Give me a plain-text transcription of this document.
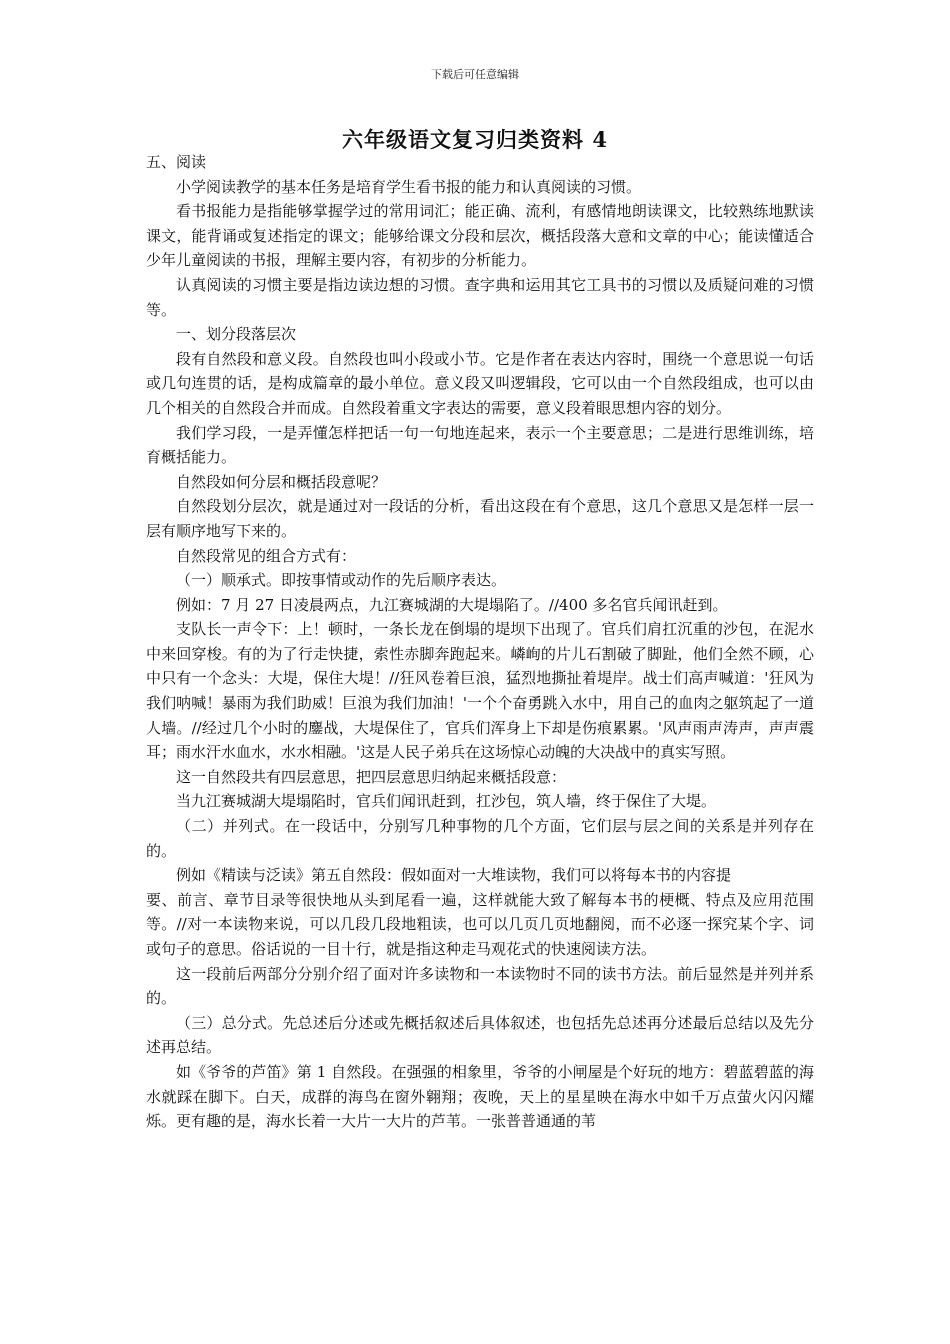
下载后可任意编辑
六年级语文复习归类资料 4

五、阅读

小学阅读教学的基本任务是培育学生看书报的能力和认真阅读的习惯。

看书报能力是指能够掌握学过的常用词汇；能正确、流利，有感情地朗读课文，比较熟练地默读课文，能背诵或复述指定的课文；能够给课文分段和层次，概括段落大意和文章的中心；能读懂适合少年儿童阅读的书报，理解主要内容，有初步的分析能力。

认真阅读的习惯主要是指边读边想的习惯。查字典和运用其它工具书的习惯以及质疑问难的习惯等。

一、划分段落层次

段有自然段和意义段。自然段也叫小段或小节。它是作者在表达内容时，围绕一个意思说一句话或几句连贯的话，是构成篇章的最小单位。意义段又叫逻辑段，它可以由一个自然段组成，也可以由几个相关的自然段合并而成。自然段着重文字表达的需要，意义段着眼思想内容的划分。

我们学习段，一是弄懂怎样把话一句一句地连起来，表示一个主要意思；二是进行思维训练，培育概括能力。

自然段如何分层和概括段意呢？

自然段划分层次，就是通过对一段话的分析，看出这段在有个意思，这几个意思又是怎样一层一层有顺序地写下来的。

自然段常见的组合方式有：

（一）顺承式。即按事情或动作的先后顺序表达。

例如：7 月 27 日凌晨两点，九江赛城湖的大堤塌陷了。//400 多名官兵闻讯赶到。

支队长一声令下：上！顿时，一条长龙在倒塌的堤坝下出现了。官兵们肩扛沉重的沙包，在泥水中来回穿梭。有的为了行走快捷，索性赤脚奔跑起来。嶙峋的片儿石割破了脚趾，他们全然不顾，心中只有一个念头：大堤，保住大堤！//狂风卷着巨浪，猛烈地撕扯着堤岸。战士们高声喊道：'狂风为我们呐喊！暴雨为我们助威！巨浪为我们加油！'一个个奋勇跳入水中，用自己的血肉之躯筑起了一道人墙。//经过几个小时的鏖战，大堤保住了，官兵们浑身上下却是伤痕累累。'风声雨声涛声，声声震耳；雨水汗水血水，水水相融。'这是人民子弟兵在这场惊心动魄的大决战中的真实写照。

这一自然段共有四层意思，把四层意思归纳起来概括段意：

当九江赛城湖大堤塌陷时，官兵们闻讯赶到，扛沙包，筑人墙，终于保住了大堤。

（二）并列式。在一段话中，分别写几种事物的几个方面，它们层与层之间的关系是并列存在的。

例如《精读与泛读》第五自然段：假如面对一大堆读物，我们可以将每本书的内容提

要、前言、章节目录等很快地从头到尾看一遍，这样就能大致了解每本书的梗概、特点及应用范围等。//对一本读物来说，可以几段几段地粗读，也可以几页几页地翻阅，而不必逐一探究某个字、词或句子的意思。俗话说的一目十行，就是指这种走马观花式的快速阅读方法。

这一段前后两部分分别介绍了面对许多读物和一本读物时不同的读书方法。前后显然是并列并系的。

（三）总分式。先总述后分述或先概括叙述后具体叙述，也包括先总述再分述最后总结以及先分述再总结。

如《爷爷的芦笛》第 1 自然段。在强强的相象里，爷爷的小闸屋是个好玩的地方：碧蓝碧蓝的海水就踩在脚下。白天，成群的海鸟在窗外翱翔；夜晚，天上的星星映在海水中如千万点萤火闪闪耀烁。更有趣的是，海水长着一大片一大片的芦苇。一张普普通通的苇
